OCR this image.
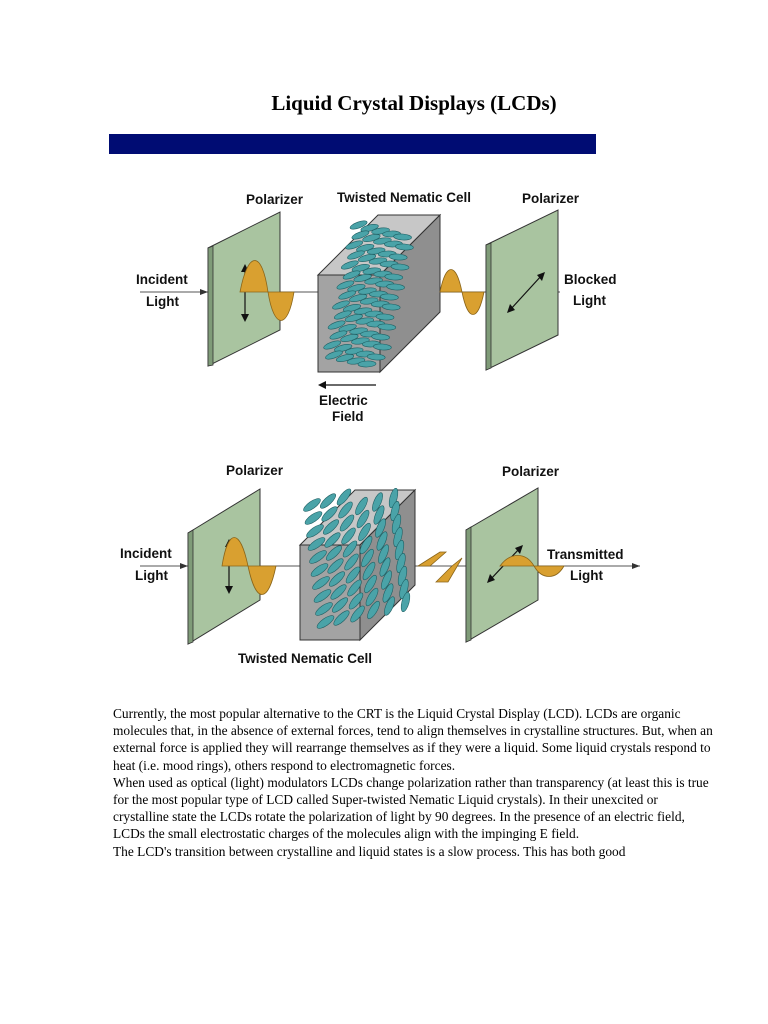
Liquid Crystal Displays (LCDs)
Polarizer	Twisted Nematic Cell	Polarizer
Incident
Light
Blocked
Light
Electric
Field
Polarizer	Polarizer
Incident
Light
Transmitted
Light
Twisted Nematic Cell

Currently, the most popular alternative to the CRT is the Liquid Crystal Display (LCD). LCDs are organic molecules that, in the absence of external forces, tend to align themselves in crystalline structures. But, when an external force is applied they will rearrange themselves as if they were a liquid. Some liquid crystals respond to heat (i.e. mood rings), others respond to electromagnetic forces.

When used as optical (light) modulators LCDs change polarization rather than transparency (at least this is true for the most popular type of LCD called Super-twisted Nematic Liquid crystals). In their unexcited or crystalline state the LCDs rotate the polarization of light by 90 degrees. In the presence of an electric field, LCDs the small electrostatic charges of the molecules align with the impinging E field.

The LCD's transition between crystalline and liquid states is a slow process. This has both good
